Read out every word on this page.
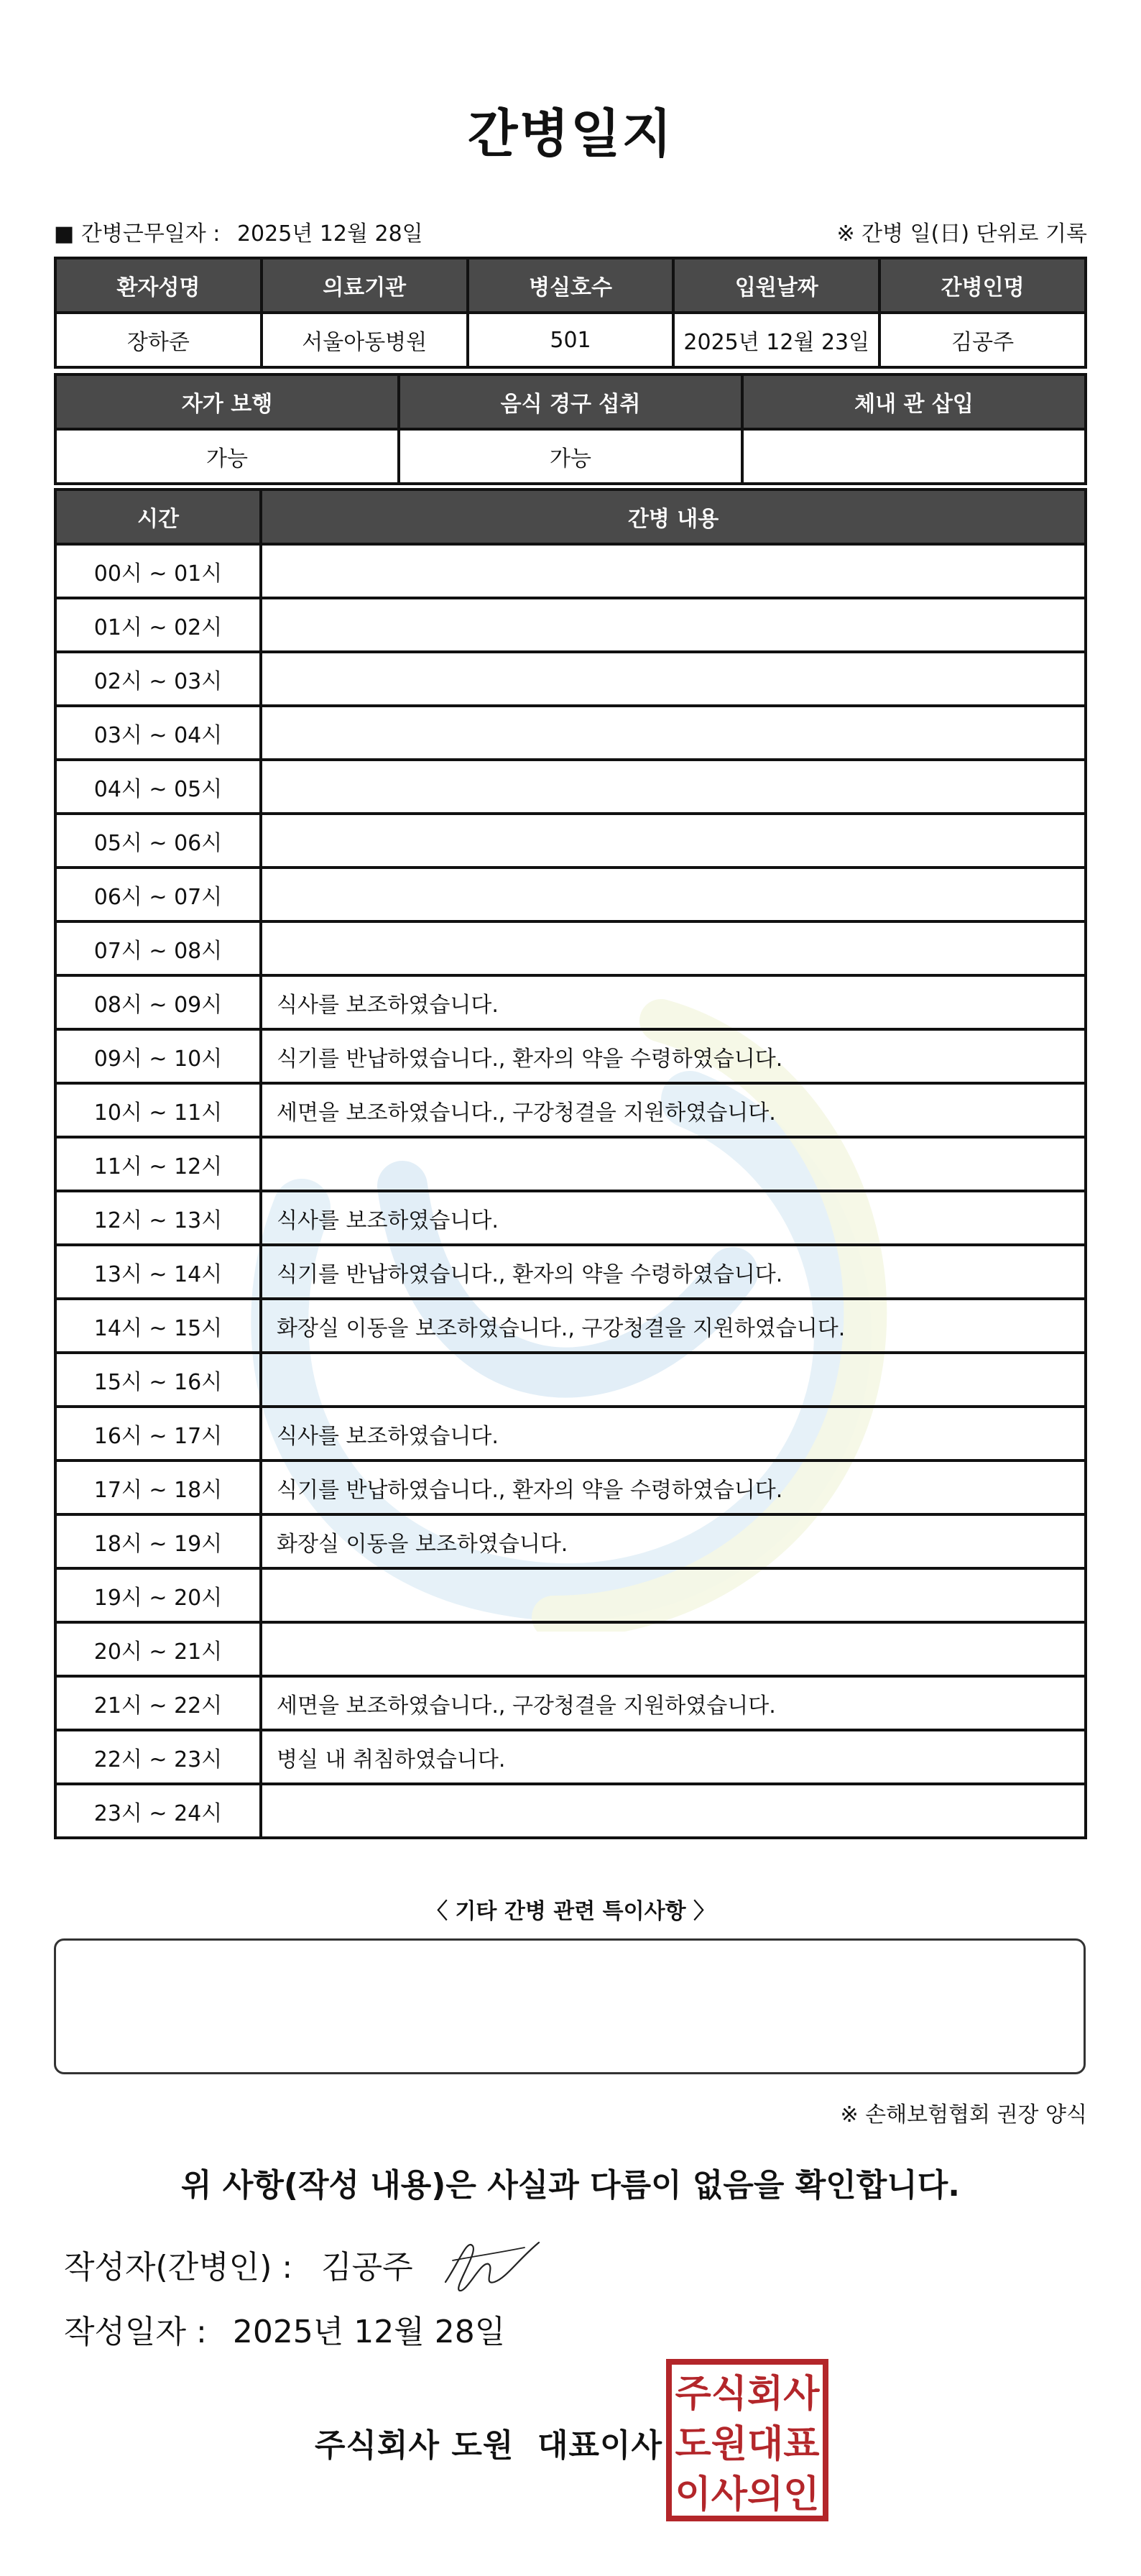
간병일지
■ 간병근무일자 : 2025년 12월 28일	※ 간병 일(日) 단위로 기록
환자성명	의료기관	병실호수	입원날짜	간병인명
장하준	서울아동병원	501	2025년 12월 23일	김공주
자가 보행	음식 경구 섭취	체내 관 삽입
가능	가능	
시간	간병 내용
00시 ~ 01시	
01시 ~ 02시	
02시 ~ 03시	
03시 ~ 04시	
04시 ~ 05시	
05시 ~ 06시	
06시 ~ 07시	
07시 ~ 08시	
08시 ~ 09시	식사를 보조하였습니다.
09시 ~ 10시	식기를 반납하였습니다., 환자의 약을 수령하였습니다.
10시 ~ 11시	세면을 보조하였습니다., 구강청결을 지원하였습니다.
11시 ~ 12시	
12시 ~ 13시	식사를 보조하였습니다.
13시 ~ 14시	식기를 반납하였습니다., 환자의 약을 수령하였습니다.
14시 ~ 15시	화장실 이동을 보조하였습니다., 구강청결을 지원하였습니다.
15시 ~ 16시	
16시 ~ 17시	식사를 보조하였습니다.
17시 ~ 18시	식기를 반납하였습니다., 환자의 약을 수령하였습니다.
18시 ~ 19시	화장실 이동을 보조하였습니다.
19시 ~ 20시	
20시 ~ 21시	
21시 ~ 22시	세면을 보조하였습니다., 구강청결을 지원하였습니다.
22시 ~ 23시	병실 내 취침하였습니다.
23시 ~ 24시	
〈 기타 간병 관련 특이사항 〉
※ 손해보험협회 권장 양식
위 사항(작성 내용)은 사실과 다름이 없음을 확인합니다.
작성자(간병인) : 김공주
작성일자 : 2025년 12월 28일
주식회사 도원  대표이사
주식회사
도원대표
이사의인
